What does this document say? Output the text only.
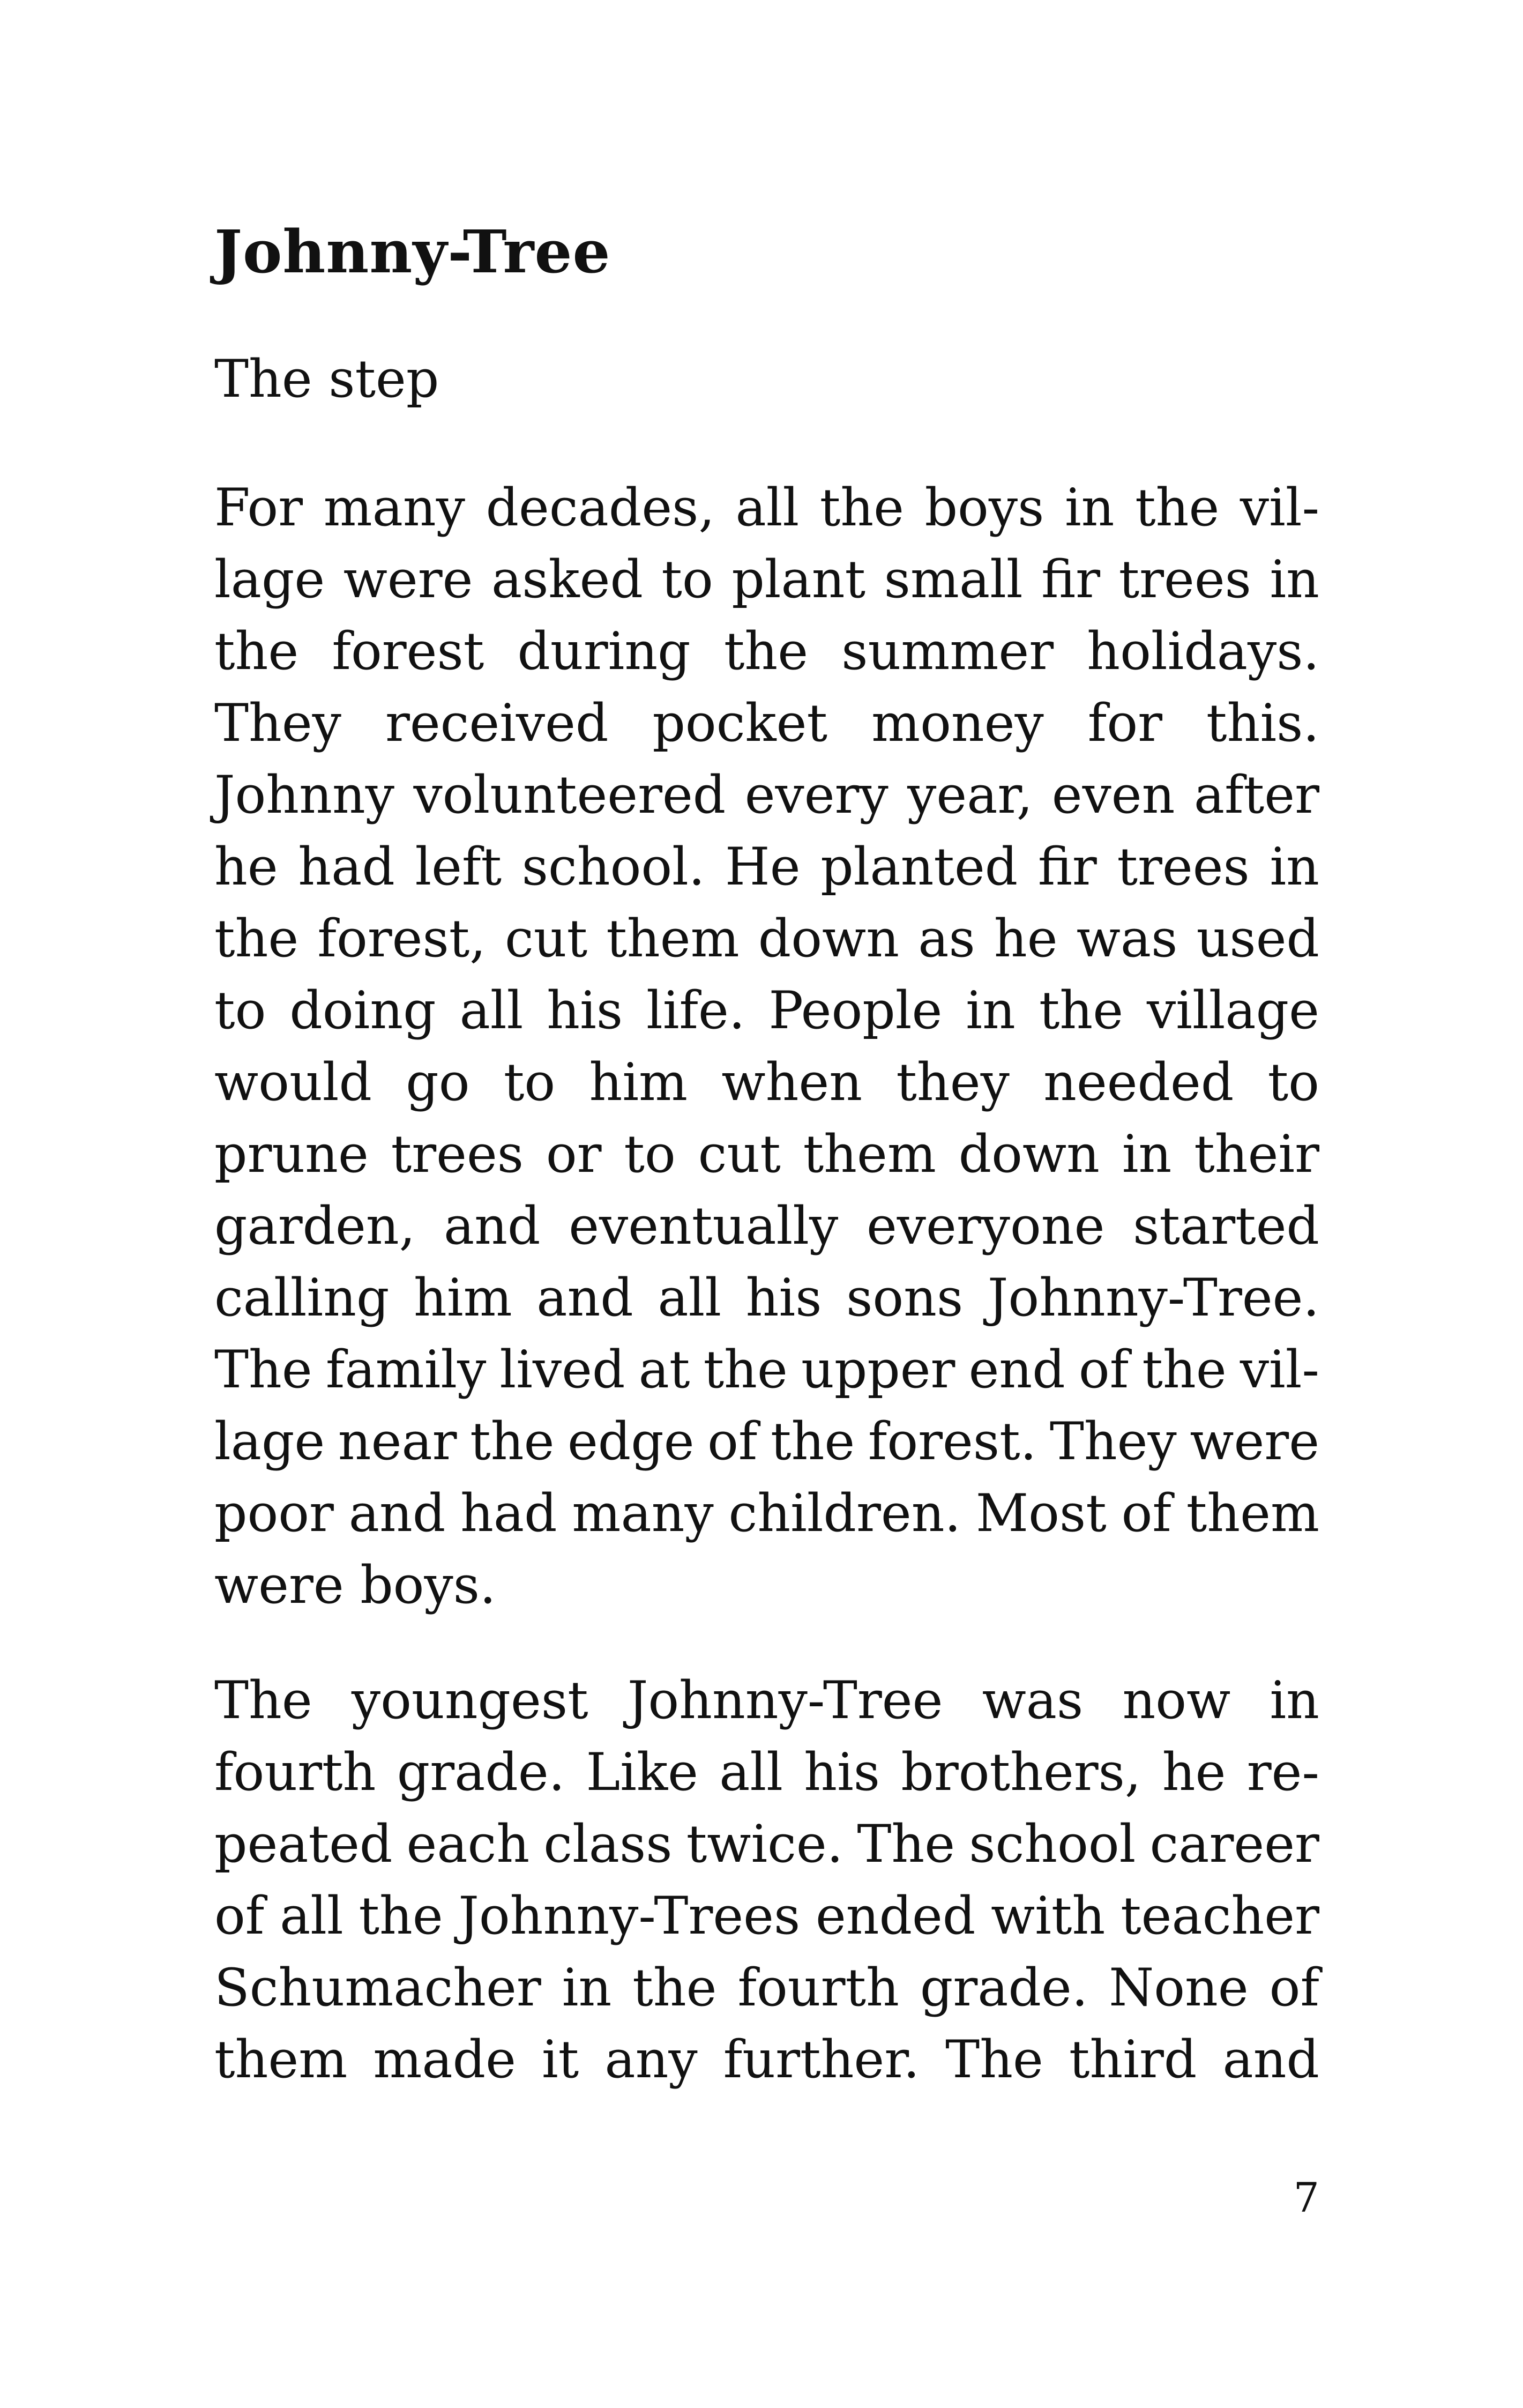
Johnny-Tree

The step

For many decades, all the boys in the vil-
lage were asked to plant small fir trees in
the forest during the summer holidays.
They received pocket money for this.
Johnny volunteered every year, even after
he had left school. He planted fir trees in
the forest, cut them down as he was used
to doing all his life. People in the village
would go to him when they needed to
prune trees or to cut them down in their
garden, and eventually everyone started
calling him and all his sons Johnny-Tree.
The family lived at the upper end of the vil-
lage near the edge of the forest. They were
poor and had many children. Most of them
were boys.
The youngest Johnny-Tree was now in
fourth grade. Like all his brothers, he re-
peated each class twice. The school career
of all the Johnny-Trees ended with teacher
Schumacher in the fourth grade. None of
them made it any further. The third and

7
